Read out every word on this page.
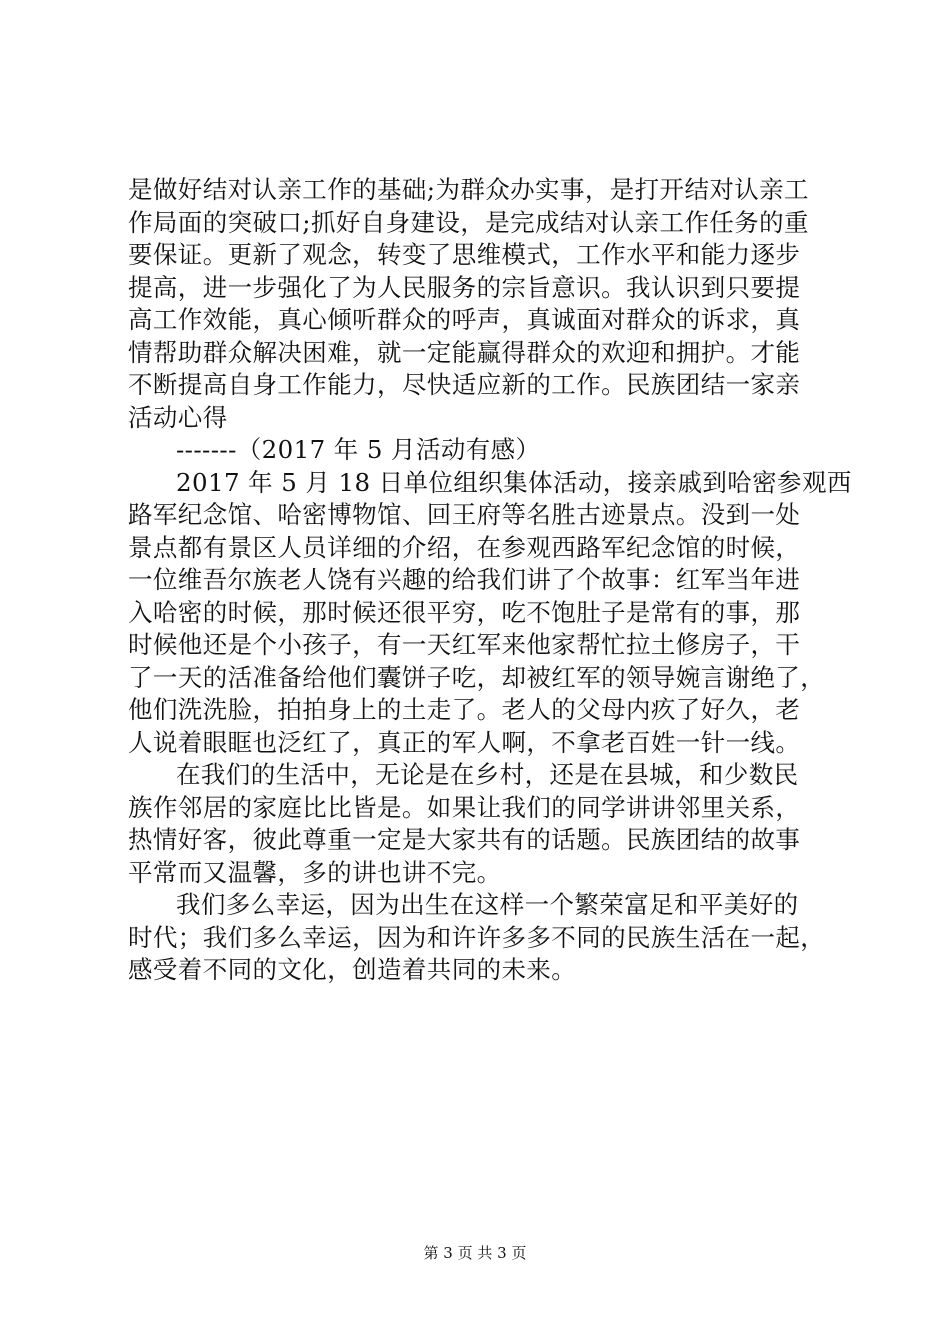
是做好结对认亲工作的基础;为群众办实事，是打开结对认亲工
作局面的突破口;抓好自身建设，是完成结对认亲工作任务的重
要保证。更新了观念，转变了思维模式，工作水平和能力逐步
提高，进一步强化了为人民服务的宗旨意识。我认识到只要提
高工作效能，真心倾听群众的呼声，真诚面对群众的诉求，真
情帮助群众解决困难，就一定能赢得群众的欢迎和拥护。才能
不断提高自身工作能力，尽快适应新的工作。民族团结一家亲
活动心得
-------（2017 年 5 月活动有感）
2017 年 5 月 18 日单位组织集体活动，接亲戚到哈密参观西
路军纪念馆、哈密博物馆、回王府等名胜古迹景点。没到一处
景点都有景区人员详细的介绍，在参观西路军纪念馆的时候，
一位维吾尔族老人饶有兴趣的给我们讲了个故事：红军当年进
入哈密的时候，那时候还很平穷，吃不饱肚子是常有的事，那
时候他还是个小孩子，有一天红军来他家帮忙拉土修房子，干
了一天的活准备给他们囊饼子吃，却被红军的领导婉言谢绝了，
他们洗洗脸，拍拍身上的土走了。老人的父母内疚了好久，老
人说着眼眶也泛红了，真正的军人啊，不拿老百姓一针一线。
在我们的生活中，无论是在乡村，还是在县城，和少数民
族作邻居的家庭比比皆是。如果让我们的同学讲讲邻里关系，
热情好客，彼此尊重一定是大家共有的话题。民族团结的故事
平常而又温馨，多的讲也讲不完。
我们多么幸运，因为出生在这样一个繁荣富足和平美好的
时代；我们多么幸运，因为和许许多多不同的民族生活在一起，
感受着不同的文化，创造着共同的未来。
第 3 页 共 3 页
